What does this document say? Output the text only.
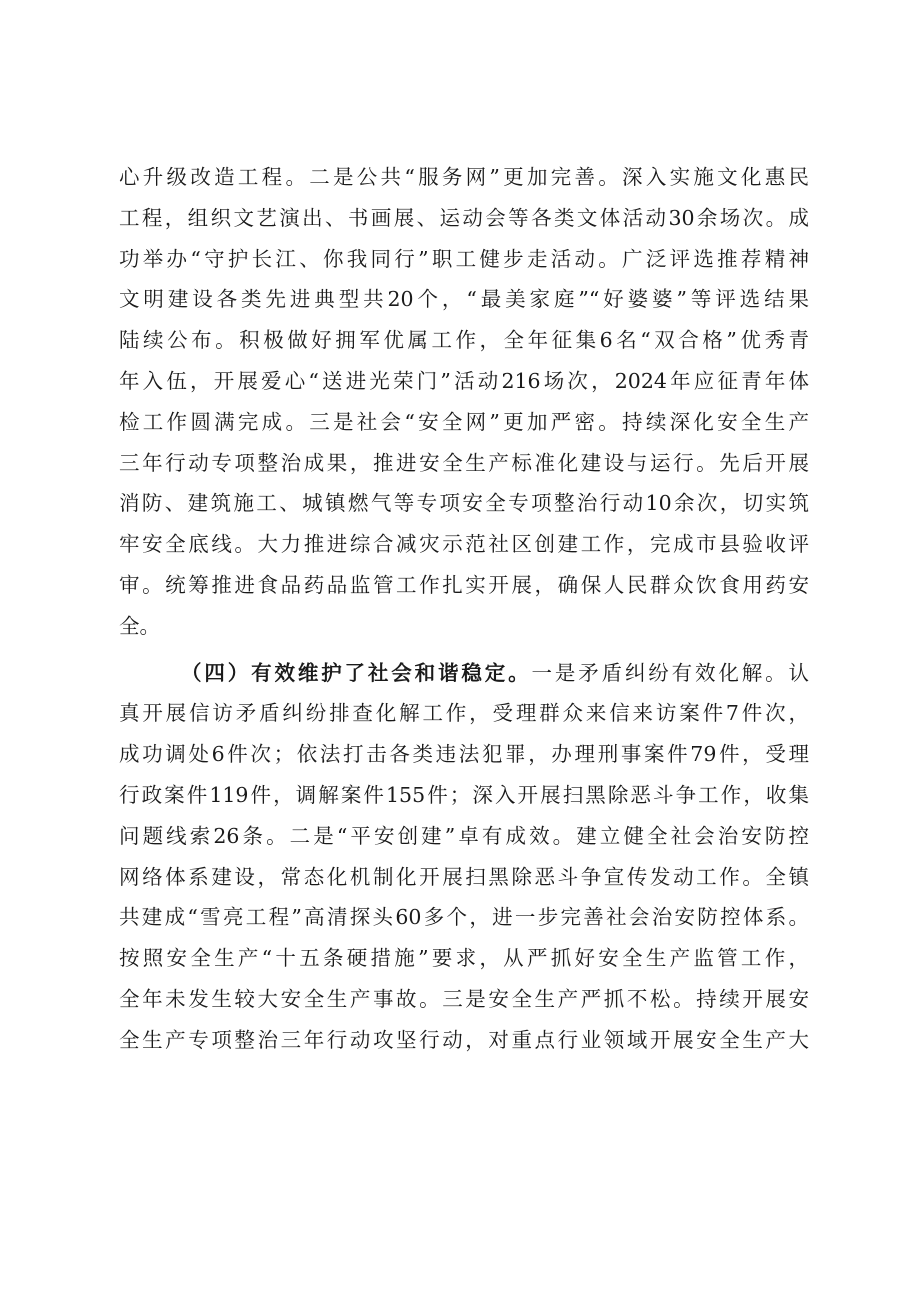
心升级改造工程。二是公共“服务网”更加完善。深入实施文化惠民
工程，组织文艺演出、书画展、运动会等各类文体活动30余场次。成
功举办“守护长江、你我同行”职工健步走活动。广泛评选推荐精神
文明建设各类先进典型共20个，“最美家庭”“好婆婆”等评选结果
陆续公布。积极做好拥军优属工作，全年征集6名“双合格”优秀青
年入伍，开展爱心“送进光荣门”活动216场次，2024年应征青年体
检工作圆满完成。三是社会“安全网”更加严密。持续深化安全生产
三年行动专项整治成果，推进安全生产标准化建设与运行。先后开展
消防、建筑施工、城镇燃气等专项安全专项整治行动10余次，切实筑
牢安全底线。大力推进综合减灾示范社区创建工作，完成市县验收评
审。统筹推进食品药品监管工作扎实开展，确保人民群众饮食用药安
全。
（四）有效维护了社会和谐稳定。一是矛盾纠纷有效化解。认
真开展信访矛盾纠纷排查化解工作，受理群众来信来访案件7件次，
成功调处6件次；依法打击各类违法犯罪，办理刑事案件79件，受理
行政案件119件，调解案件155件；深入开展扫黑除恶斗争工作，收集
问题线索26条。二是“平安创建”卓有成效。建立健全社会治安防控
网络体系建设，常态化机制化开展扫黑除恶斗争宣传发动工作。全镇
共建成“雪亮工程”高清探头60多个，进一步完善社会治安防控体系。
按照安全生产“十五条硬措施”要求，从严抓好安全生产监管工作，
全年未发生较大安全生产事故。三是安全生产严抓不松。持续开展安
全生产专项整治三年行动攻坚行动，对重点行业领域开展安全生产大
